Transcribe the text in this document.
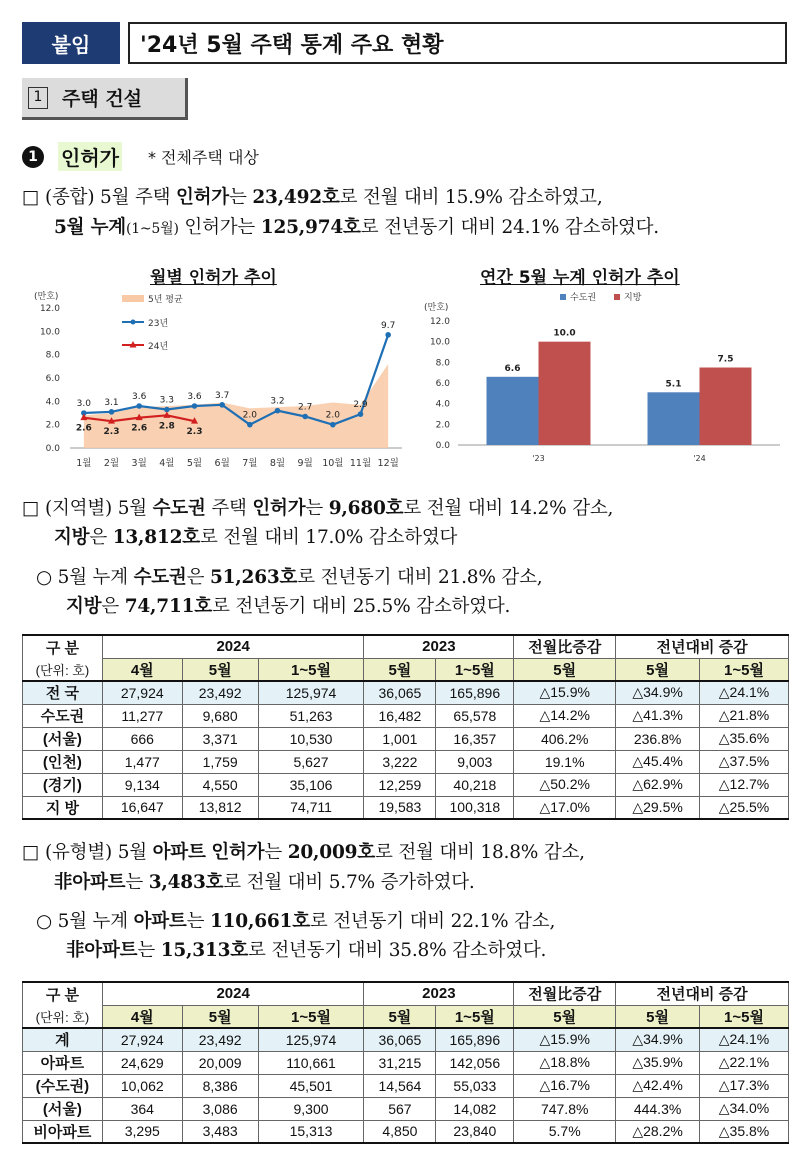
붙임	'24년 5월 주택 통계 주요 현황
1 주택 건설
1	인허가 * 전체주택 대상
□ (종합) 5월 주택 인허가는 23,492호로 전월 대비 15.9% 감소하였고,
5월 누계(1~5월) 인허가는 125,974호로 전년동기 대비 24.1% 감소하였다.
월별 인허가 추이	연간 5월 누계 인허가 추이
(만호)
0.0
2.0
4.0
6.0
8.0
10.0
12.0
1월 2월 3월 4월 5월 6월 7월 8월 9월 10월 11월 12월
3.0 3.1
3.6 3.3 3.6 3.7
2.0
3.2
2.7
2.0
2.9
9.7
2.6 2.3 2.6 2.8
2.3
5년 평균
23년
24년
(만호)
0.0
2.0
4.0
6.0
8.0
10.0
12.0
'23
6.6
10.0
'24
5.1
7.5
수도권	지방
□ (지역별) 5월 수도권 주택 인허가는 9,680호로 전월 대비 14.2% 감소,
지방은 13,812호로 전월 대비 17.0% 감소하였다
○ 5월 누계 수도권은 51,263호로 전년동기 대비 21.8% 감소,
지방은 74,711호로 전년동기 대비 25.5% 감소하였다.
구 분	2024			2023		전월比증감	전년대비 증감	
(단위: 호)	4월	5월	1~5월	5월	1~5월	5월	5월	1~5월
전 국	27,924	23,492	125,974	36,065	165,896	△15.9%	△34.9%	△24.1%
수도권	11,277	9,680	51,263	16,482	65,578	△14.2%	△41.3%	△21.8%
(서울)	666	3,371	10,530	1,001	16,357	406.2%	236.8%	△35.6%
(인천)	1,477	1,759	5,627	3,222	9,003	19.1%	△45.4%	△37.5%
(경기)	9,134	4,550	35,106	12,259	40,218	△50.2%	△62.9%	△12.7%
지 방	16,647	13,812	74,711	19,583	100,318	△17.0%	△29.5%	△25.5%
□ (유형별) 5월 아파트 인허가는 20,009호로 전월 대비 18.8% 감소,
非아파트는 3,483호로 전월 대비 5.7% 증가하였다.
○ 5월 누계 아파트는 110,661호로 전년동기 대비 22.1% 감소,
非아파트는 15,313호로 전년동기 대비 35.8% 감소하였다.
구 분	2024			2023		전월比증감	전년대비 증감	
(단위: 호)	4월	5월	1~5월	5월	1~5월	5월	5월	1~5월
계	27,924	23,492	125,974	36,065	165,896	△15.9%	△34.9%	△24.1%
아파트	24,629	20,009	110,661	31,215	142,056	△18.8%	△35.9%	△22.1%
(수도권)	10,062	8,386	45,501	14,564	55,033	△16.7%	△42.4%	△17.3%
(서울)	364	3,086	9,300	567	14,082	747.8%	444.3%	△34.0%
비아파트	3,295	3,483	15,313	4,850	23,840	5.7%	△28.2%	△35.8%
